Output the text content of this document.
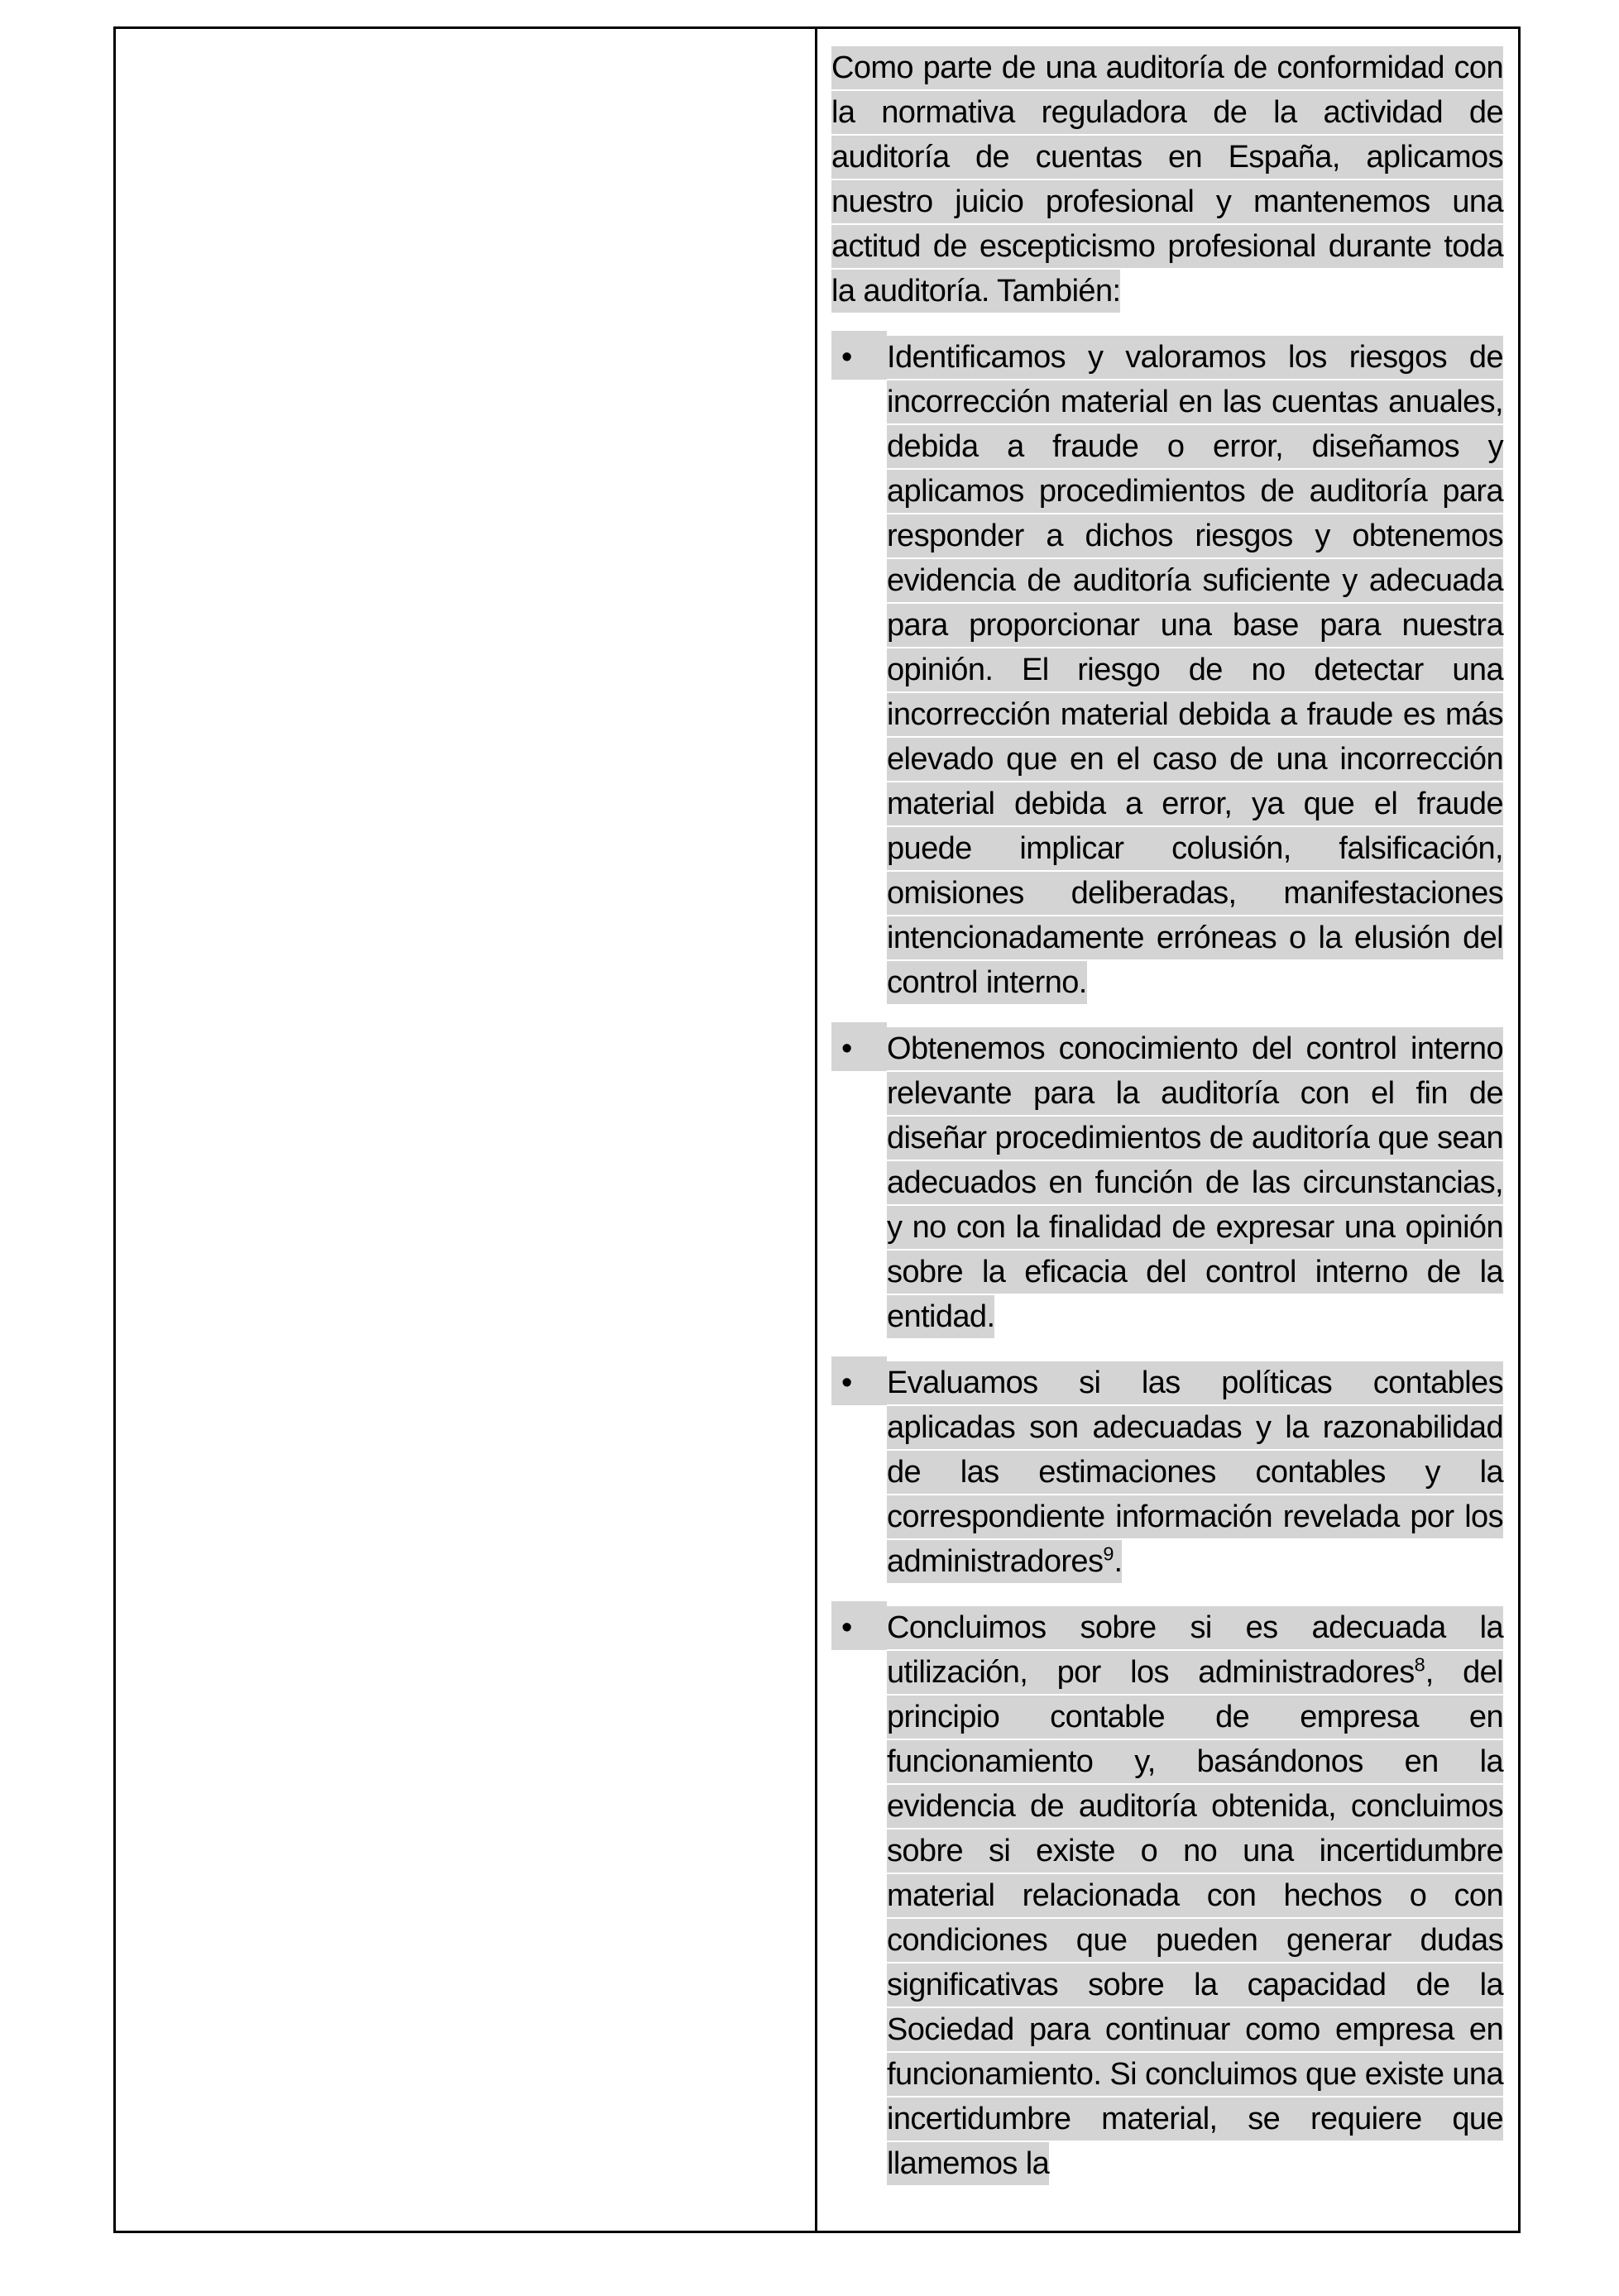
Como parte de una auditoría de conformidad con la normativa reguladora de la actividad de auditoría de cuentas en España, aplicamos nuestro juicio profesional y mantenemos una actitud de escepticismo profesional durante toda la auditoría. También:

•	Identificamos y valoramos los riesgos de incorrección material en las cuentas anuales, debida a fraude o error, diseñamos y aplicamos procedimientos de auditoría para responder a dichos riesgos y obtenemos evidencia de auditoría suficiente y adecuada para proporcionar una base para nuestra opinión. El riesgo de no detectar una incorrección material debida a fraude es más elevado que en el caso de una incorrección material debida a error, ya que el fraude puede implicar colusión, falsificación, omisiones deliberadas, manifestaciones intencionadamente erróneas o la elusión del control interno.
•	Obtenemos conocimiento del control interno relevante para la auditoría con el fin de diseñar procedimientos de auditoría que sean adecuados en función de las circunstancias, y no con la finalidad de expresar una opinión sobre la eficacia del control interno de la entidad.
•	Evaluamos si las políticas contables aplicadas son adecuadas y la razonabilidad de las estimaciones contables y la correspondiente información revelada por los administradores$^9$.
•	Concluimos sobre si es adecuada la utilización, por los administradores$^8$, del principio contable de empresa en funcionamiento y, basándonos en la evidencia de auditoría obtenida, concluimos sobre si existe o no una incertidumbre material relacionada con hechos o con condiciones que pueden generar dudas significativas sobre la capacidad de la Sociedad para continuar como empresa en funcionamiento. Si concluimos que existe una incertidumbre material, se requiere que llamemos la
